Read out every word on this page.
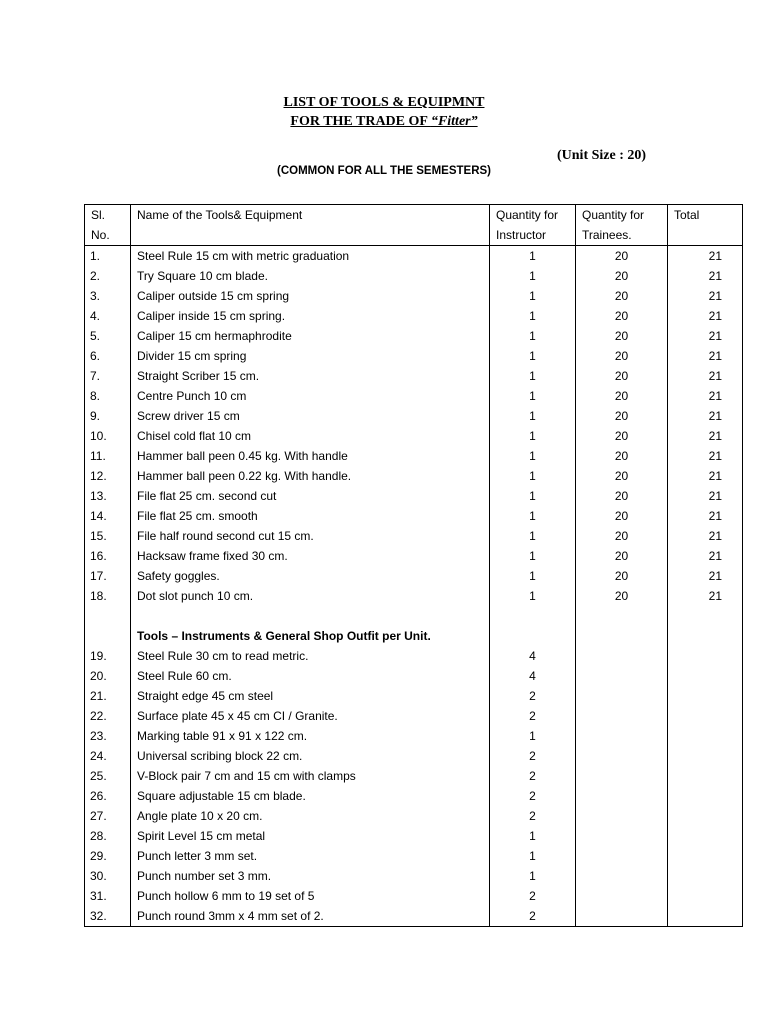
LIST OF TOOLS & EQUIPMNT
FOR THE TRADE OF “Fitter”
(Unit Size : 20)
(COMMON FOR ALL THE SEMESTERS)
Sl. No.	Name of the Tools& Equipment	Quantity for Instructor	Quantity for Trainees.	Total
1.	Steel Rule 15 cm with metric graduation	1	20	21
2.	Try Square 10 cm blade.	1	20	21
3.	Caliper outside 15 cm spring	1	20	21
4.	Caliper inside 15 cm spring.	1	20	21
5.	Caliper 15 cm hermaphrodite	1	20	21
6.	Divider 15 cm spring	1	20	21
7.	Straight Scriber 15 cm.	1	20	21
8.	Centre Punch 10 cm	1	20	21
9.	Screw driver 15 cm	1	20	21
10.	Chisel cold flat 10 cm	1	20	21
11.	Hammer ball peen 0.45 kg. With handle	1	20	21
12.	Hammer ball peen 0.22 kg. With handle.	1	20	21
13.	File flat 25 cm. second cut	1	20	21
14.	File flat 25 cm. smooth	1	20	21
15.	File half round second cut 15 cm.	1	20	21
16.	Hacksaw frame fixed 30 cm.	1	20	21
17.	Safety goggles.	1	20	21
18.	Dot slot punch 10 cm.	1	20	21

	Tools – Instruments & General Shop Outfit per Unit.			
19.	Steel Rule 30 cm to read metric.	4		
20.	Steel Rule 60 cm.	4		
21.	Straight edge 45 cm steel	2		
22.	Surface plate 45 x 45 cm CI / Granite.	2		
23.	Marking table 91 x 91 x 122 cm.	1		
24.	Universal scribing block 22 cm.	2		
25.	V-Block pair 7 cm and 15 cm with clamps	2		
26.	Square adjustable 15 cm blade.	2		
27.	Angle plate 10 x 20 cm.	2		
28.	Spirit Level 15 cm metal	1		
29.	Punch letter 3 mm set.	1		
30.	Punch number set 3 mm.	1		
31.	Punch hollow 6 mm to 19 set of 5	2		
32.	Punch round 3mm x 4 mm set of 2.	2		
